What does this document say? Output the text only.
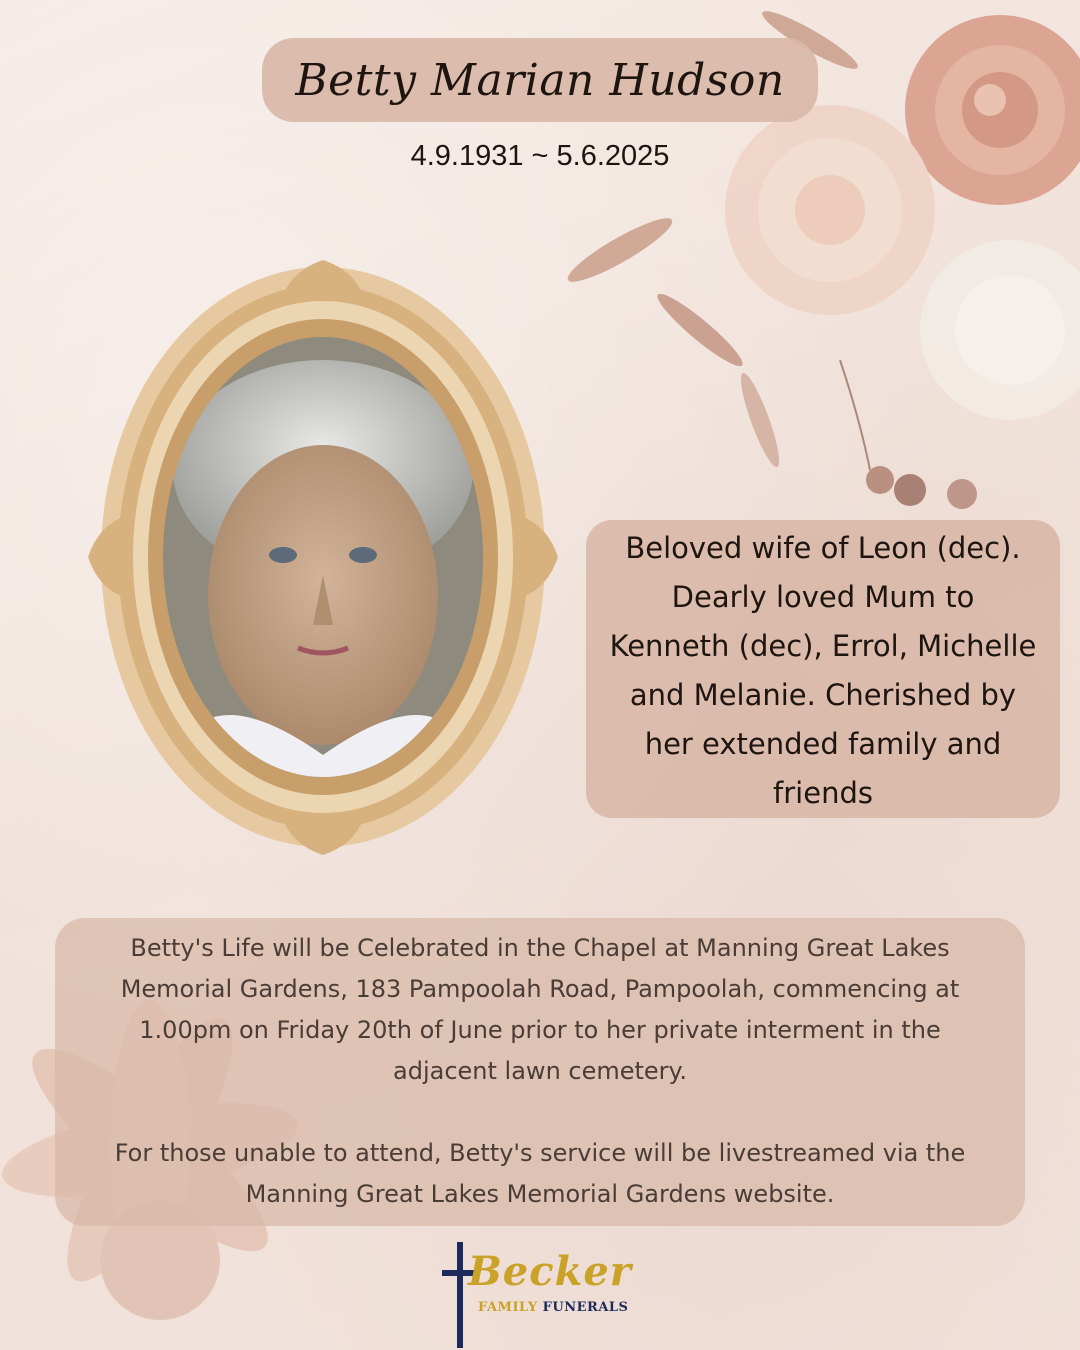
Betty Marian Hudson
4.9.1931 ~ 5.6.2025
Beloved wife of Leon (dec).
Dearly loved Mum to
Kenneth (dec), Errol, Michelle
and Melanie. Cherished by
her extended family and
friends

Betty's Life will be Celebrated in the Chapel at Manning Great Lakes
Memorial Gardens, 183 Pampoolah Road, Pampoolah, commencing at
1.00pm on Friday 20th of June prior to her private interment in the
adjacent lawn cemetery.

For those unable to attend, Betty's service will be livestreamed via the
Manning Great Lakes Memorial Gardens website.

Becker
FAMILY FUNERALS
